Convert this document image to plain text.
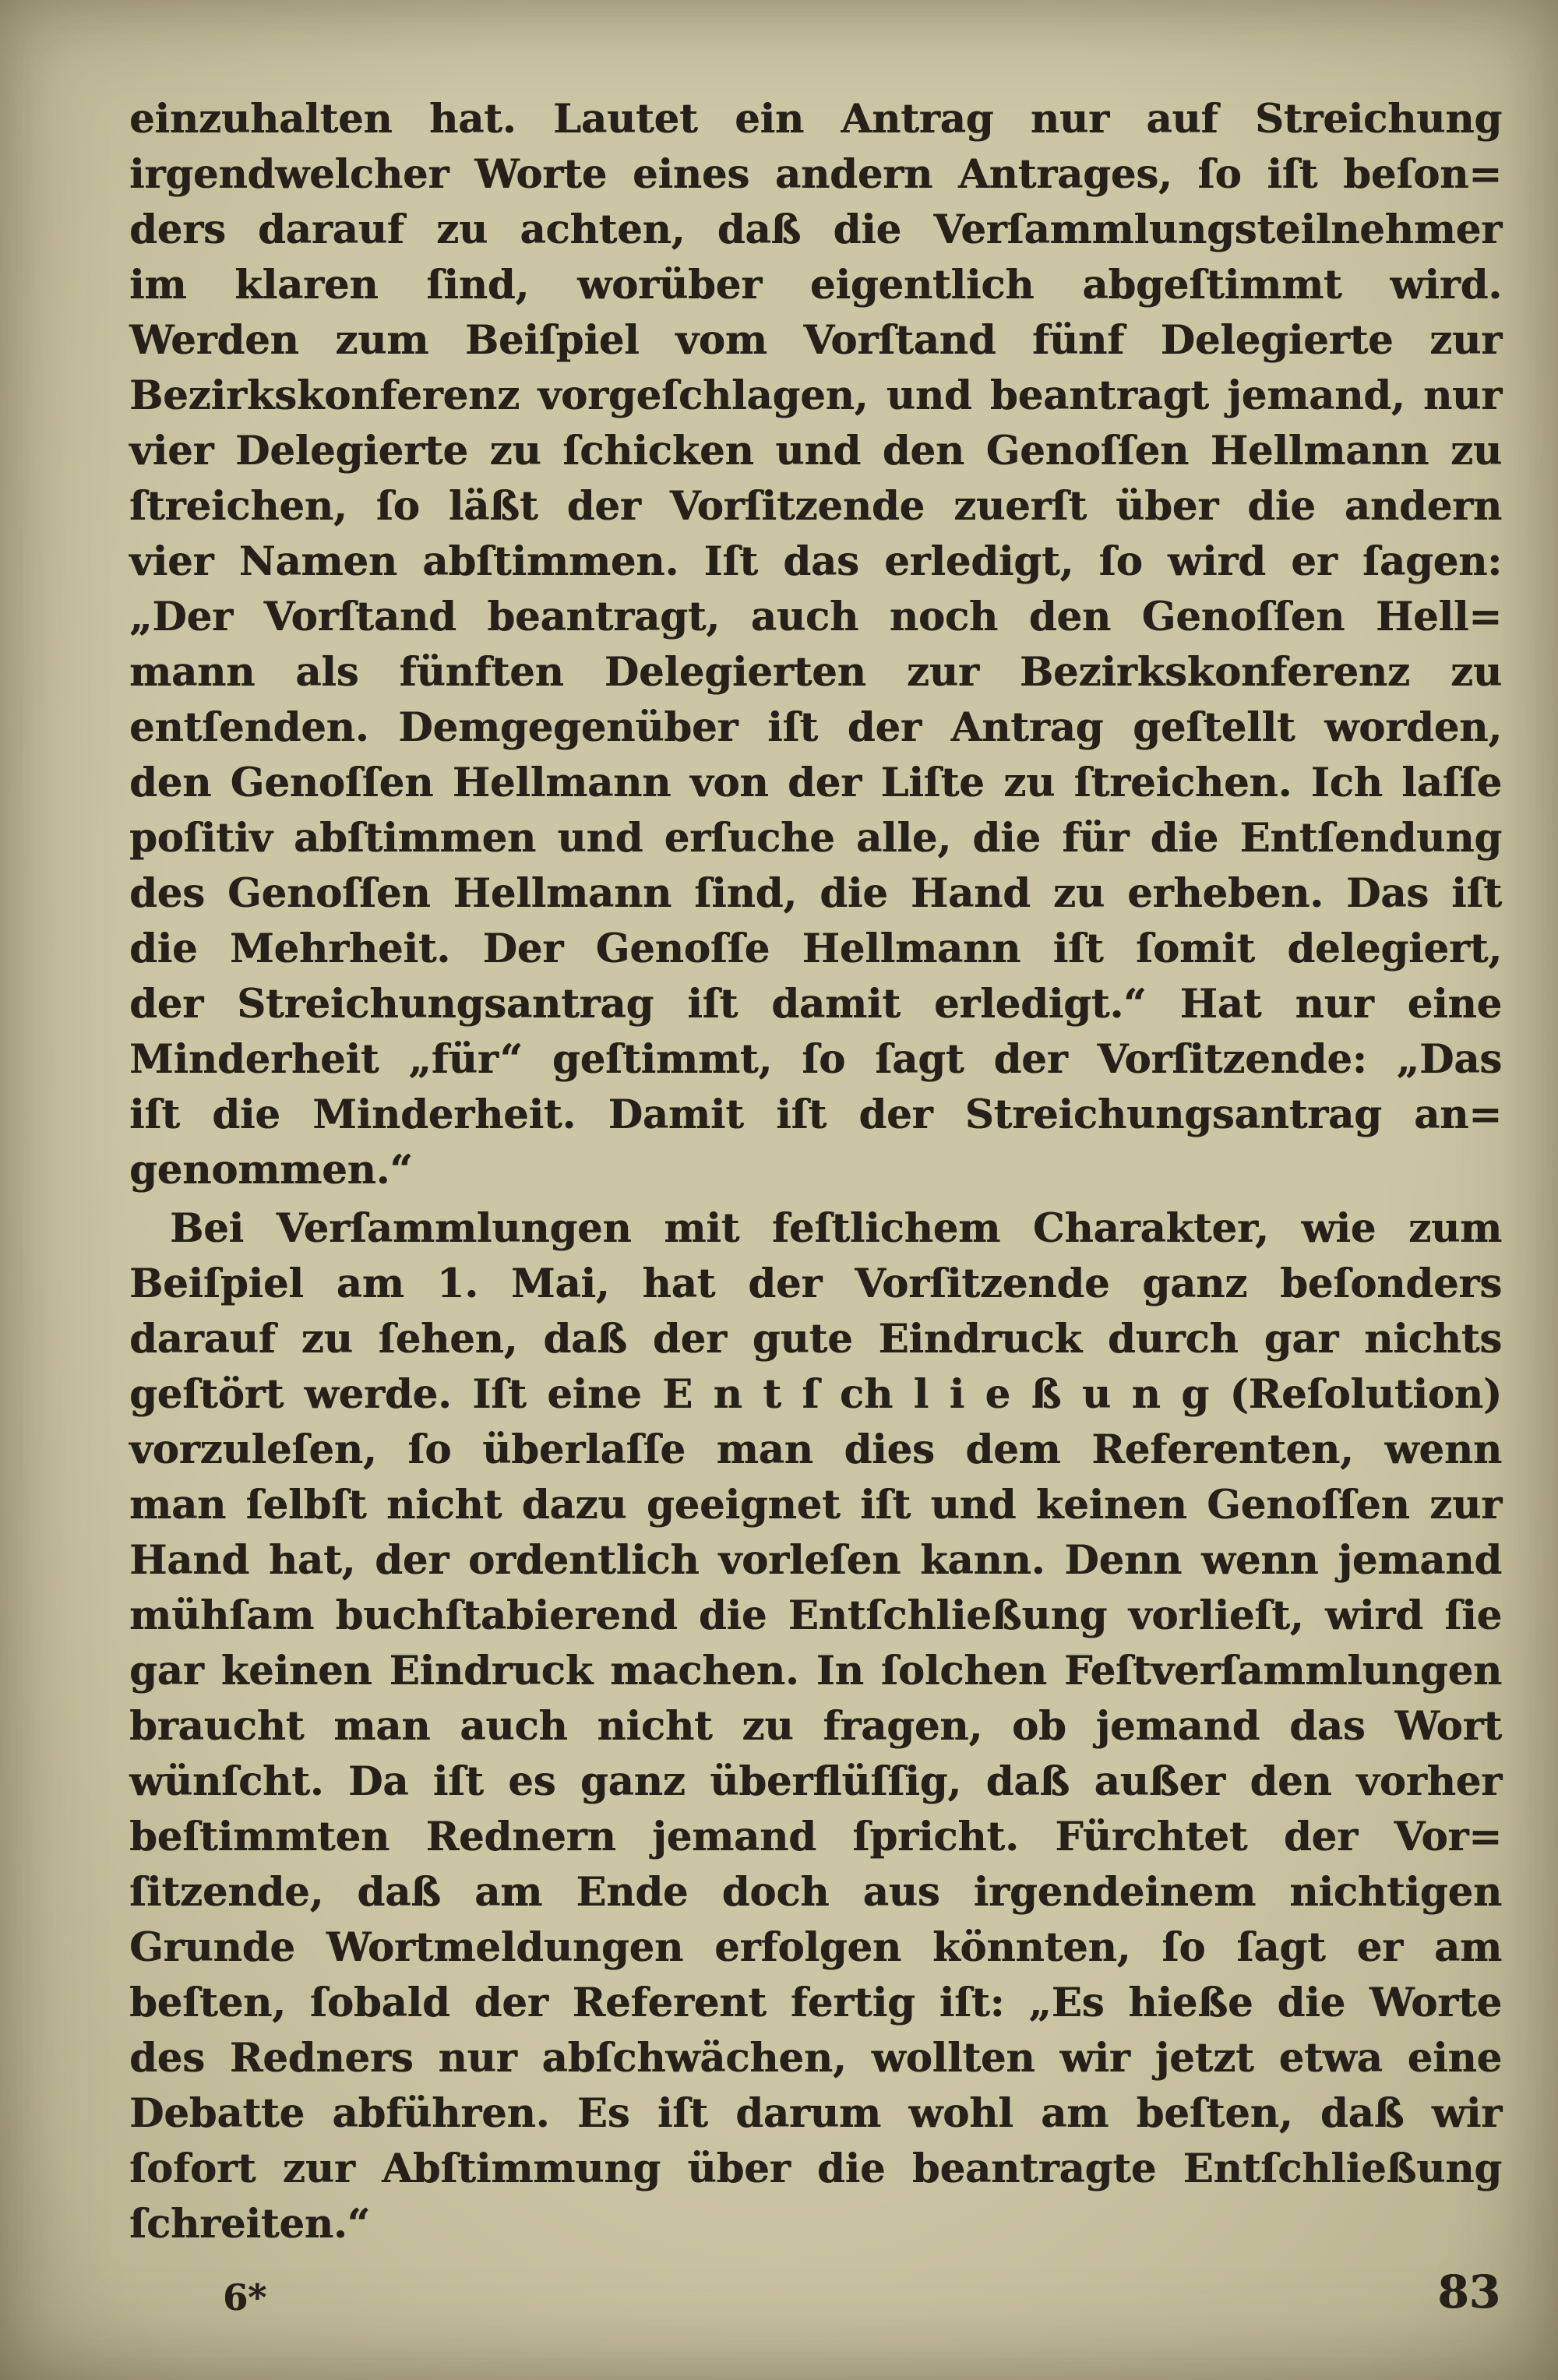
einzuhalten hat. Lautet ein Antrag nur auf Streichung
irgendwelcher Worte eines andern Antrages, ſo iſt beſon=
ders darauf zu achten, daß die Verſammlungsteilnehmer
im klaren ſind, worüber eigentlich abgeſtimmt wird.
Werden zum Beiſpiel vom Vorſtand fünf Delegierte zur
Bezirkskonferenz vorgeſchlagen, und beantragt jemand, nur
vier Delegierte zu ſchicken und den Genoſſen Hellmann zu
ſtreichen, ſo läßt der Vorſitzende zuerſt über die andern
vier Namen abſtimmen. Iſt das erledigt, ſo wird er ſagen:
„Der Vorſtand beantragt, auch noch den Genoſſen Hell=
mann als fünften Delegierten zur Bezirkskonferenz zu
entſenden. Demgegenüber iſt der Antrag geſtellt worden,
den Genoſſen Hellmann von der Liſte zu ſtreichen. Ich laſſe
poſitiv abſtimmen und erſuche alle, die für die Entſendung
des Genoſſen Hellmann ſind, die Hand zu erheben. Das iſt
die Mehrheit. Der Genoſſe Hellmann iſt ſomit delegiert,
der Streichungsantrag iſt damit erledigt.“ Hat nur eine
Minderheit „für“ geſtimmt, ſo ſagt der Vorſitzende: „Das
iſt die Minderheit. Damit iſt der Streichungsantrag an=
genommen.“
Bei Verſammlungen mit feſtlichem Charakter, wie zum
Beiſpiel am 1. Mai, hat der Vorſitzende ganz beſonders
darauf zu ſehen, daß der gute Eindruck durch gar nichts
geſtört werde. Iſt eine E n t ſ ch l i e ß u n g (Reſolution)
vorzuleſen, ſo überlaſſe man dies dem Referenten, wenn
man ſelbſt nicht dazu geeignet iſt und keinen Genoſſen zur
Hand hat, der ordentlich vorleſen kann. Denn wenn jemand
mühſam buchſtabierend die Entſchließung vorlieſt, wird ſie
gar keinen Eindruck machen. In ſolchen Feſtverſammlungen
braucht man auch nicht zu fragen, ob jemand das Wort
wünſcht. Da iſt es ganz überflüſſig, daß außer den vorher
beſtimmten Rednern jemand ſpricht. Fürchtet der Vor=
ſitzende, daß am Ende doch aus irgendeinem nichtigen
Grunde Wortmeldungen erfolgen könnten, ſo ſagt er am
beſten, ſobald der Referent fertig iſt: „Es hieße die Worte
des Redners nur abſchwächen, wollten wir jetzt etwa eine
Debatte abführen. Es iſt darum wohl am beſten, daß wir
ſofort zur Abſtimmung über die beantragte Entſchließung
ſchreiten.“
6*	83
